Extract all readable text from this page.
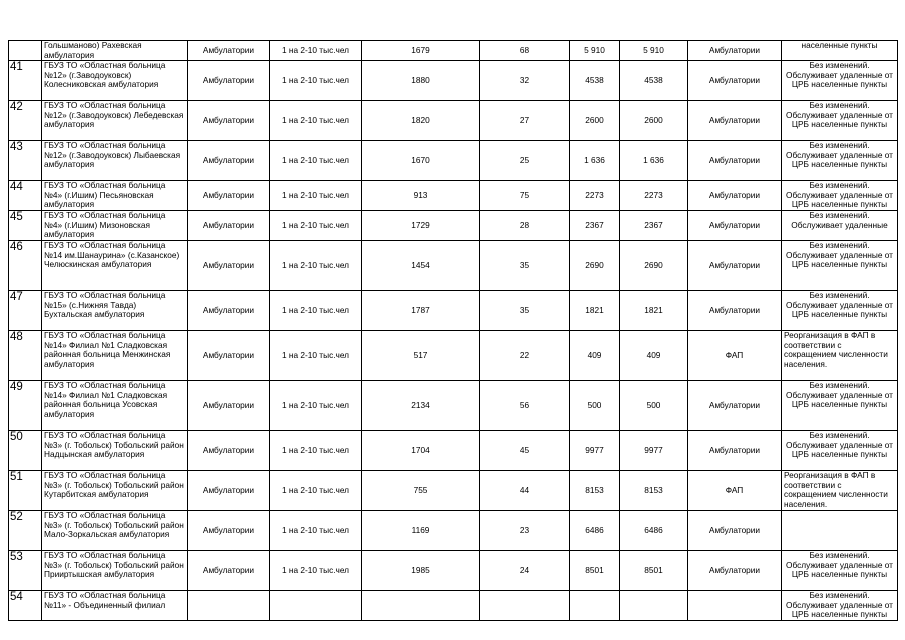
	Гольшманово) Рахевская амбулатория	Амбулатории	1 на 2-10 тыс.чел	1679	68	5 910	5 910	Амбулатории	населенные пункты
41	ГБУЗ ТО «Областная больница №12» (г.Заводоуковск) Колесниковская амбулатория	Амбулатории	1 на 2-10 тыс.чел	1880	32	4538	4538	Амбулатории	Без изменений. Обслуживает удаленные от ЦРБ населенные пункты
42	ГБУЗ ТО «Областная больница №12» (г.Заводоуковск) Лебедевская амбулатория	Амбулатории	1 на 2-10 тыс.чел	1820	27	2600	2600	Амбулатории	Без изменений. Обслуживает удаленные от ЦРБ населенные пункты
43	ГБУЗ ТО «Областная больница №12» (г.Заводоуковск) Лыбаевская амбулатория	Амбулатории	1 на 2-10 тыс.чел	1670	25	1 636	1 636	Амбулатории	Без изменений. Обслуживает удаленные от ЦРБ населенные пункты
44	ГБУЗ ТО «Областная больница №4» (г.Ишим) Песьяновская амбулатория	Амбулатории	1 на 2-10 тыс.чел	913	75	2273	2273	Амбулатории	Без изменений. Обслуживает удаленные от ЦРБ населенные пункты
45	ГБУЗ ТО «Областная больница №4» (г.Ишим) Мизоновская амбулатория	Амбулатории	1 на 2-10 тыс.чел	1729	28	2367	2367	Амбулатории	Без изменений. Обслуживает удаленные
46	ГБУЗ ТО «Областная больница №14 им.Шанаурина» (с.Казанское) Челюскинская амбулатория	Амбулатории	1 на 2-10 тыс.чел	1454	35	2690	2690	Амбулатории	Без изменений. Обслуживает удаленные от ЦРБ населенные пункты
47	ГБУЗ ТО «Областная больница №15» (с.Нижняя Тавда) Бухтальская амбулатория	Амбулатории	1 на 2-10 тыс.чел	1787	35	1821	1821	Амбулатории	Без изменений. Обслуживает удаленные от ЦРБ населенные пункты
48	ГБУЗ ТО «Областная больница №14» Филиал №1 Сладковская районная больница Менжинская амбулатория	Амбулатории	1 на 2-10 тыс.чел	517	22	409	409	ФАП	Реорганизация в ФАП в соответствии с сокращением численности населения.
49	ГБУЗ ТО «Областная больница №14» Филиал №1 Сладковская районная больница Усовская амбулатория	Амбулатории	1 на 2-10 тыс.чел	2134	56	500	500	Амбулатории	Без изменений. Обслуживает удаленные от ЦРБ населенные пункты
50	ГБУЗ ТО «Областная больница №3» (г. Тобольск) Тобольский район Надцынская амбулатория	Амбулатории	1 на 2-10 тыс.чел	1704	45	9977	9977	Амбулатории	Без изменений. Обслуживает удаленные от ЦРБ населенные пункты
51	ГБУЗ ТО «Областная больница №3» (г. Тобольск) Тобольский район Кутарбитская амбулатория	Амбулатории	1 на 2-10 тыс.чел	755	44	8153	8153	ФАП	Реорганизация в ФАП в соответствии с сокращением численности населения.
52	ГБУЗ ТО «Областная больница №3» (г. Тобольск) Тобольский район Мало-Зоркальская амбулатория	Амбулатории	1 на 2-10 тыс.чел	1169	23	6486	6486	Амбулатории	
53	ГБУЗ ТО «Областная больница №3» (г. Тобольск) Тобольский район Прииртышская амбулатория	Амбулатории	1 на 2-10 тыс.чел	1985	24	8501	8501	Амбулатории	Без изменений. Обслуживает удаленные от ЦРБ населенные пункты
54	ГБУЗ ТО «Областная больница №11» - Объединенный филиал								Без изменений. Обслуживает удаленные от ЦРБ населенные пункты
